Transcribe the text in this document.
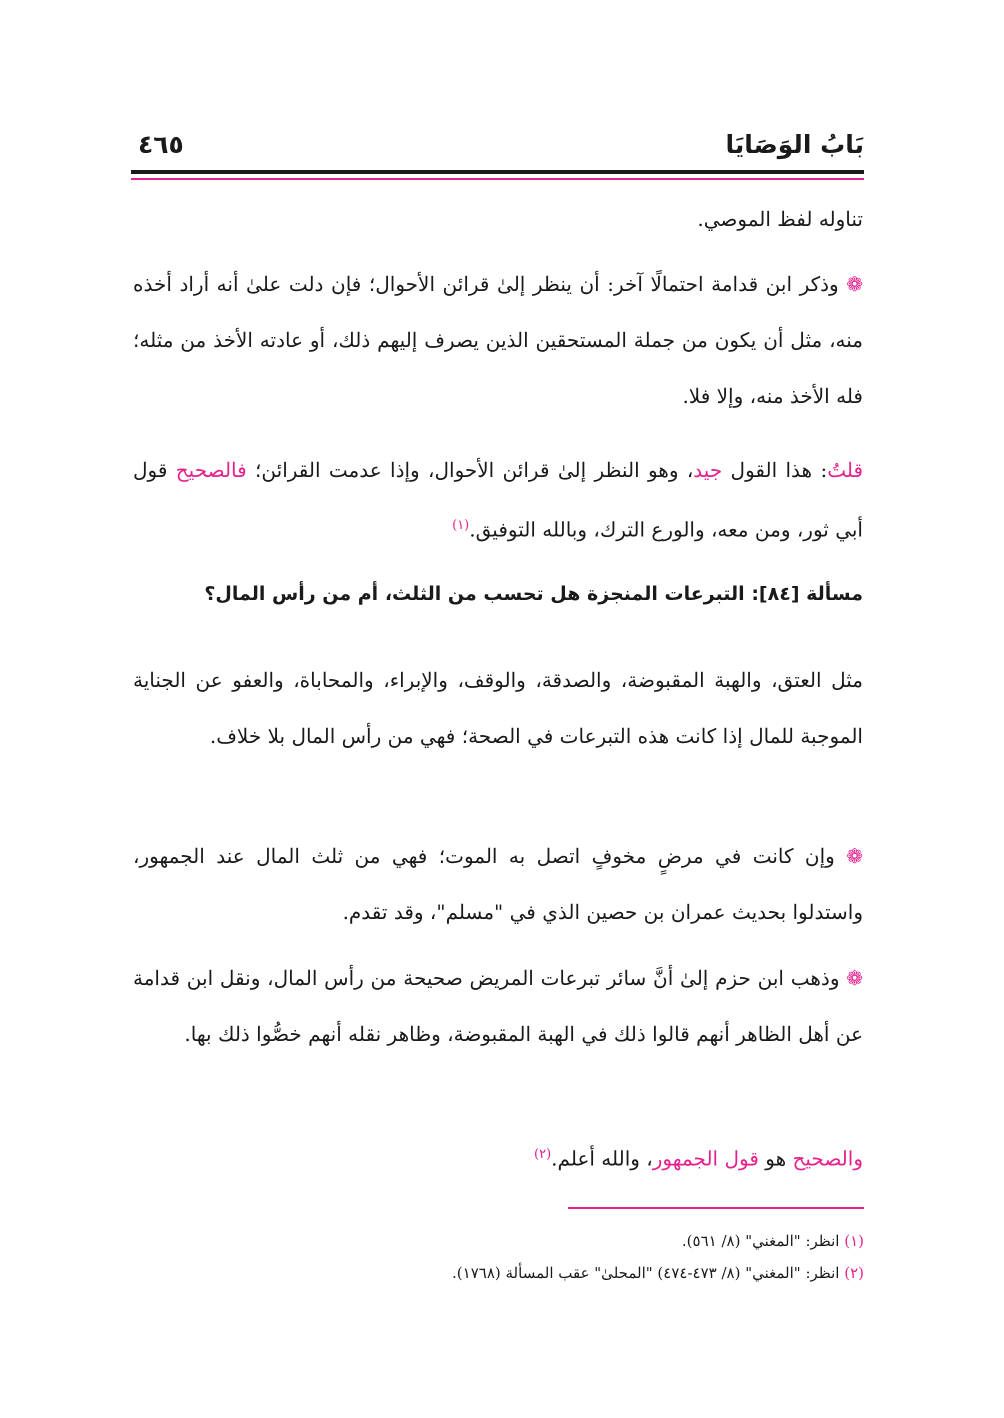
بَابُ الوَصَايَا
٤٦٥
تناوله لفظ الموصي.
❁ وذكر ابن قدامة احتمالًا آخر: أن ينظر إلىٰ قرائن الأحوال؛ فإن دلت علىٰ أنه أراد أخذه منه، مثل أن يكون من جملة المستحقين الذين يصرف إليهم ذلك، أو عادته الأخذ من مثله؛ فله الأخذ منه، وإلا فلا.
قلتُ: هذا القول جيد، وهو النظر إلىٰ قرائن الأحوال، وإذا عدمت القرائن؛ فالصحيح قول أبي ثور، ومن معه، والورع الترك، وبالله التوفيق.$^{(١)}$
مسألة [٨٤]: التبرعات المنجزة هل تحسب من الثلث، أم من رأس المال؟
مثل العتق، والهبة المقبوضة، والصدقة، والوقف، والإبراء، والمحاباة، والعفو عن الجناية الموجبة للمال إذا كانت هذه التبرعات في الصحة؛ فهي من رأس المال بلا خلاف.
❁ وإن كانت في مرضٍ مخوفٍ اتصل به الموت؛ فهي من ثلث المال عند الجمهور، واستدلوا بحديث عمران بن حصين الذي في "مسلم"، وقد تقدم.
❁ وذهب ابن حزم إلىٰ أنَّ سائر تبرعات المريض صحيحة من رأس المال، ونقل ابن قدامة عن أهل الظاهر أنهم قالوا ذلك في الهبة المقبوضة، وظاهر نقله أنهم خصُّوا ذلك بها.
والصحيح هو قول الجمهور، والله أعلم.$^{(٢)}$
(١) انظر: "المغني" (٨/ ٥٦١).
(٢) انظر: "المغني" (٨/ ٤٧٣-٤٧٤) "المحلىٰ" عقب المسألة (١٧٦٨).
